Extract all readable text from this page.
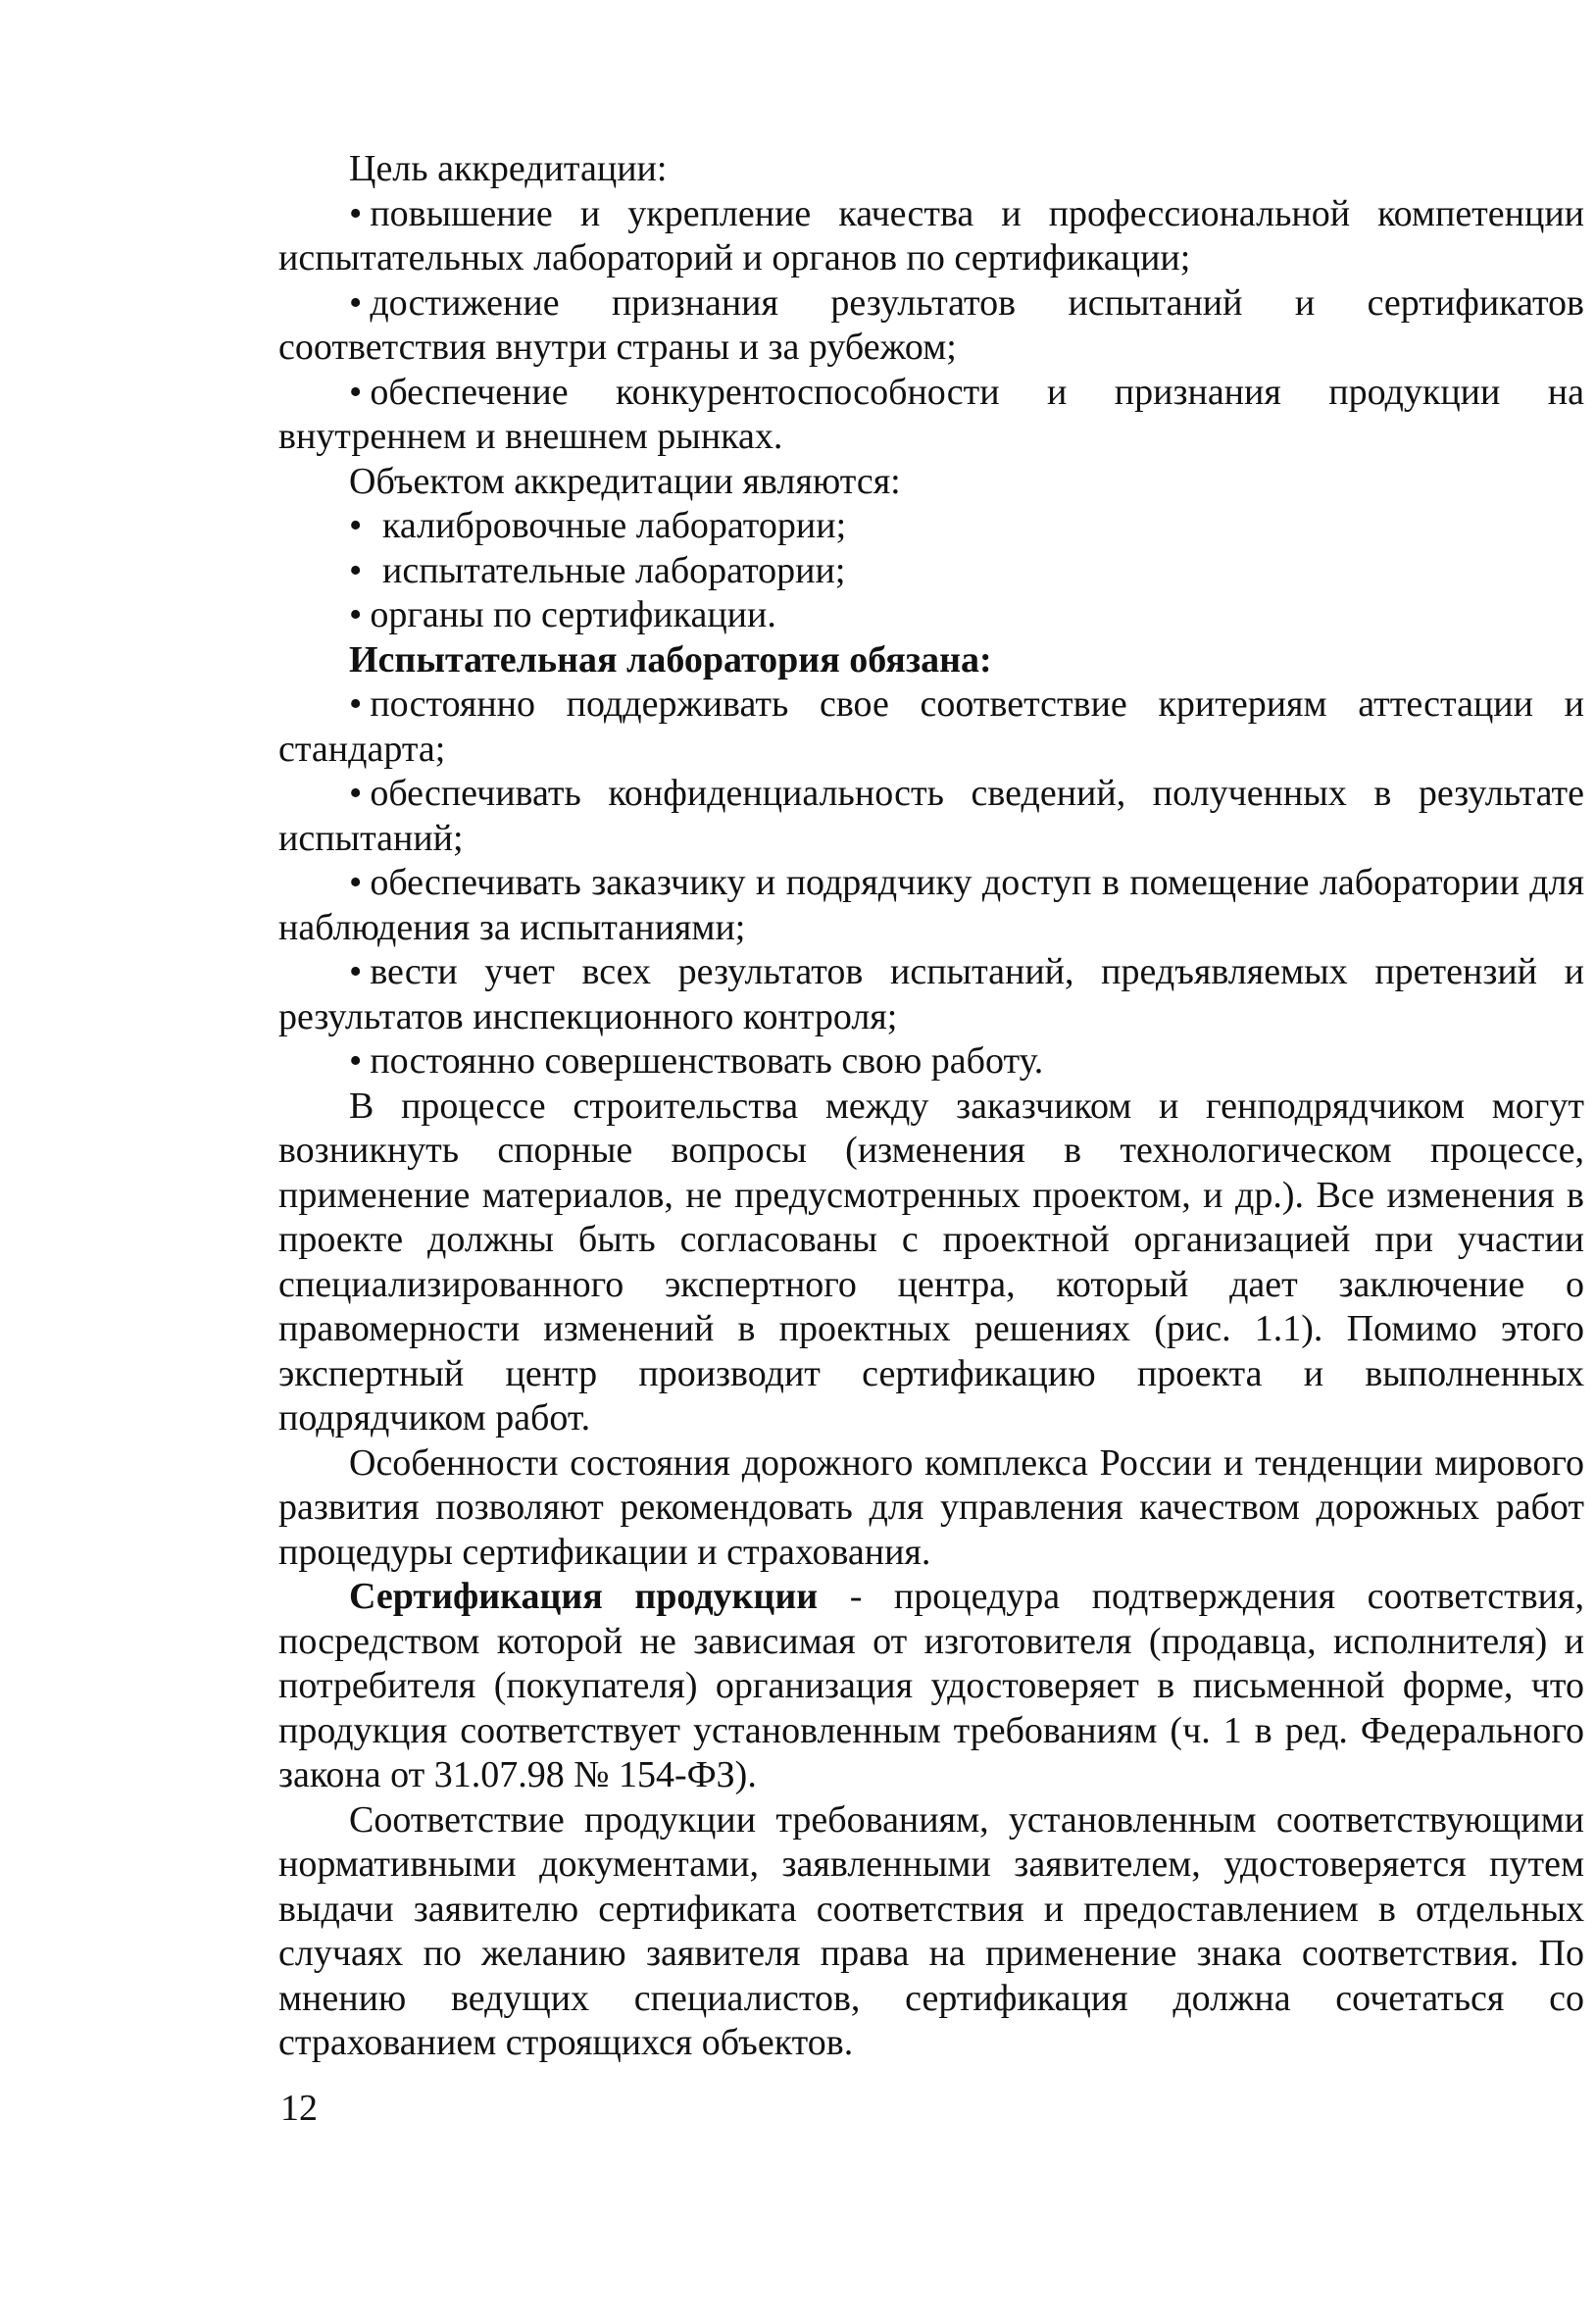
Цель аккредитации:

• повышение и укрепление качества и профессиональной компетенции испытательных лабораторий и органов по сертификации;

• достижение признания результатов испытаний и сертификатов соответствия внутри страны и за рубежом;

• обеспечение конкурентоспособности и признания продукции на внутреннем и внешнем рынках.

Объектом аккредитации являются:

• калибровочные лаборатории;

• испытательные лаборатории;

• органы по сертификации.

Испытательная лаборатория обязана:

• постоянно поддерживать свое соответствие критериям аттестации и стандарта;

• обеспечивать конфиденциальность сведений, полученных в результате испытаний;

• обеспечивать заказчику и подрядчику доступ в помещение лаборатории для наблюдения за испытаниями;

• вести учет всех результатов испытаний, предъявляемых претензий и результатов инспекционного контроля;

• постоянно совершенствовать свою работу.

В процессе строительства между заказчиком и генподрядчиком могут возникнуть спорные вопросы (изменения в технологическом процессе, применение материалов, не предусмотренных проектом, и др.). Все изменения в проекте должны быть согласованы с проектной организацией при участии специализированного экспертного центра, который дает заключение о правомерности изменений в проектных решениях (рис. 1.1). Помимо этого экспертный центр производит сертификацию проекта и выполненных подрядчиком работ.

Особенности состояния дорожного комплекса России и тенденции мирового развития позволяют рекомендовать для управления качеством дорожных работ процедуры сертификации и страхования.

Сертификация продукции - процедура подтверждения соответствия, посредством которой не зависимая от изготовителя (продавца, исполнителя) и потребителя (покупателя) организация удостоверяет в письменной форме, что продукция соответствует установленным требованиям (ч. 1 в ред. Федерального закона от 31.07.98 № 154-ФЗ).

Соответствие продукции требованиям, установленным соответствующими нормативными документами, заявленными заявителем, удостоверяется путем выдачи заявителю сертификата соответствия и предоставлением в отдельных случаях по желанию заявителя права на применение знака соответствия. По мнению ведущих специалистов, сертификация должна сочетаться со страхованием строящихся объектов.

12
